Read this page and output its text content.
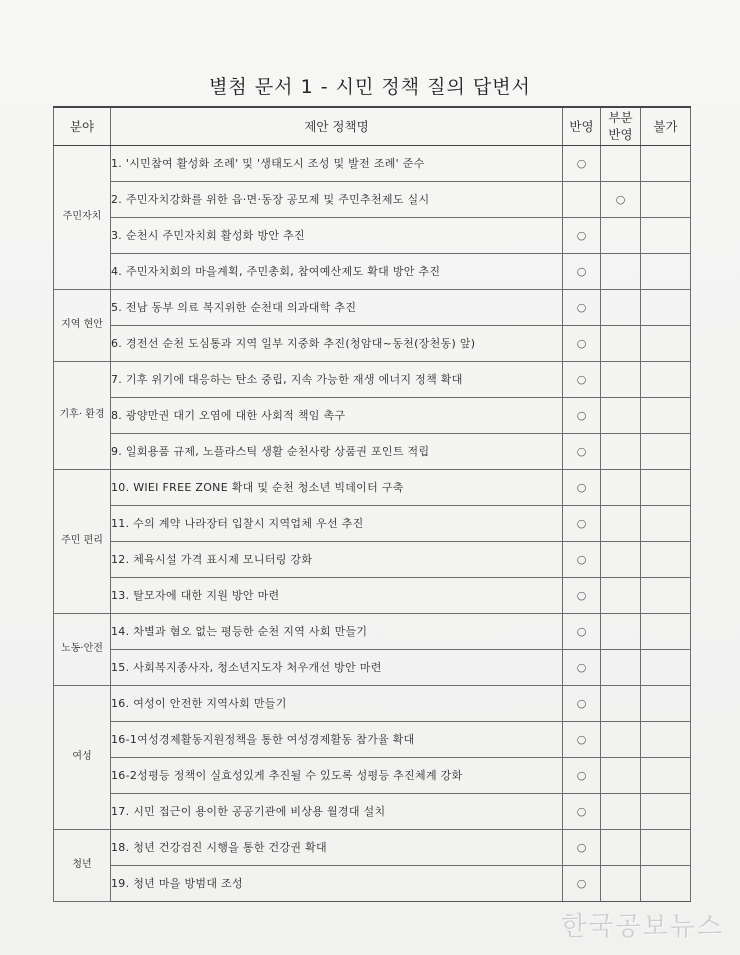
별첨 문서 1 - 시민 정책 질의 답변서
분야	제안 정책명	반영	부분 반영	불가
주민자치	1. '시민참여 활성화 조례' 및 '생태도시 조성 및 발전 조례' 준수	○		
	2. 주민자치강화를 위한 읍·면·동장 공모제 및 주민추천제도 실시		○	
	3. 순천시 주민자치회 활성화 방안 추진	○		
	4. 주민자치회의 마을계획, 주민총회, 참여예산제도 확대 방안 추진	○		
지역 현안	5. 전남 동부 의료 복지위한 순천대 의과대학 추진	○		
	6. 경전선 순천 도심통과 지역 일부 지중화 추진(청암대~동천(장천동) 앞)	○		
기후· 환경	7. 기후 위기에 대응하는 탄소 중립, 지속 가능한 재생 에너지 정책 확대	○		
	8. 광양만권 대기 오염에 대한 사회적 책임 촉구	○		
	9. 일회용품 규제, 노플라스틱 생활 순천사랑 상품권 포인트 적립	○		
주민 편리	10. WIEI FREE ZONE 확대 및 순천 청소년 빅데이터 구축	○		
	11. 수의 계약 나라장터 입찰시 지역업체 우선 추진	○		
	12. 체육시설 가격 표시제 모니터링 강화	○		
	13. 탈모자에 대한 지원 방안 마련	○		
노동·안전	14. 차별과 혐오 없는 평등한 순천 지역 사회 만들기	○		
	15. 사회복지종사자, 청소년지도자 처우개선 방안 마련	○		
여성	16. 여성이 안전한 지역사회 만들기	○		
	16-1여성경제활동지원정책을 통한 여성경제활동 참가율 확대	○		
	16-2성평등 정책이 실효성있게 추진될 수 있도록 성평등 추진체계 강화	○		
	17. 시민 접근이 용이한 공공기관에 비상용 월경대 설치	○		
청년	18. 청년 건강검진 시행을 통한 건강권 확대	○		
	19. 청년 마을 방범대 조성	○		
한국공보뉴스
